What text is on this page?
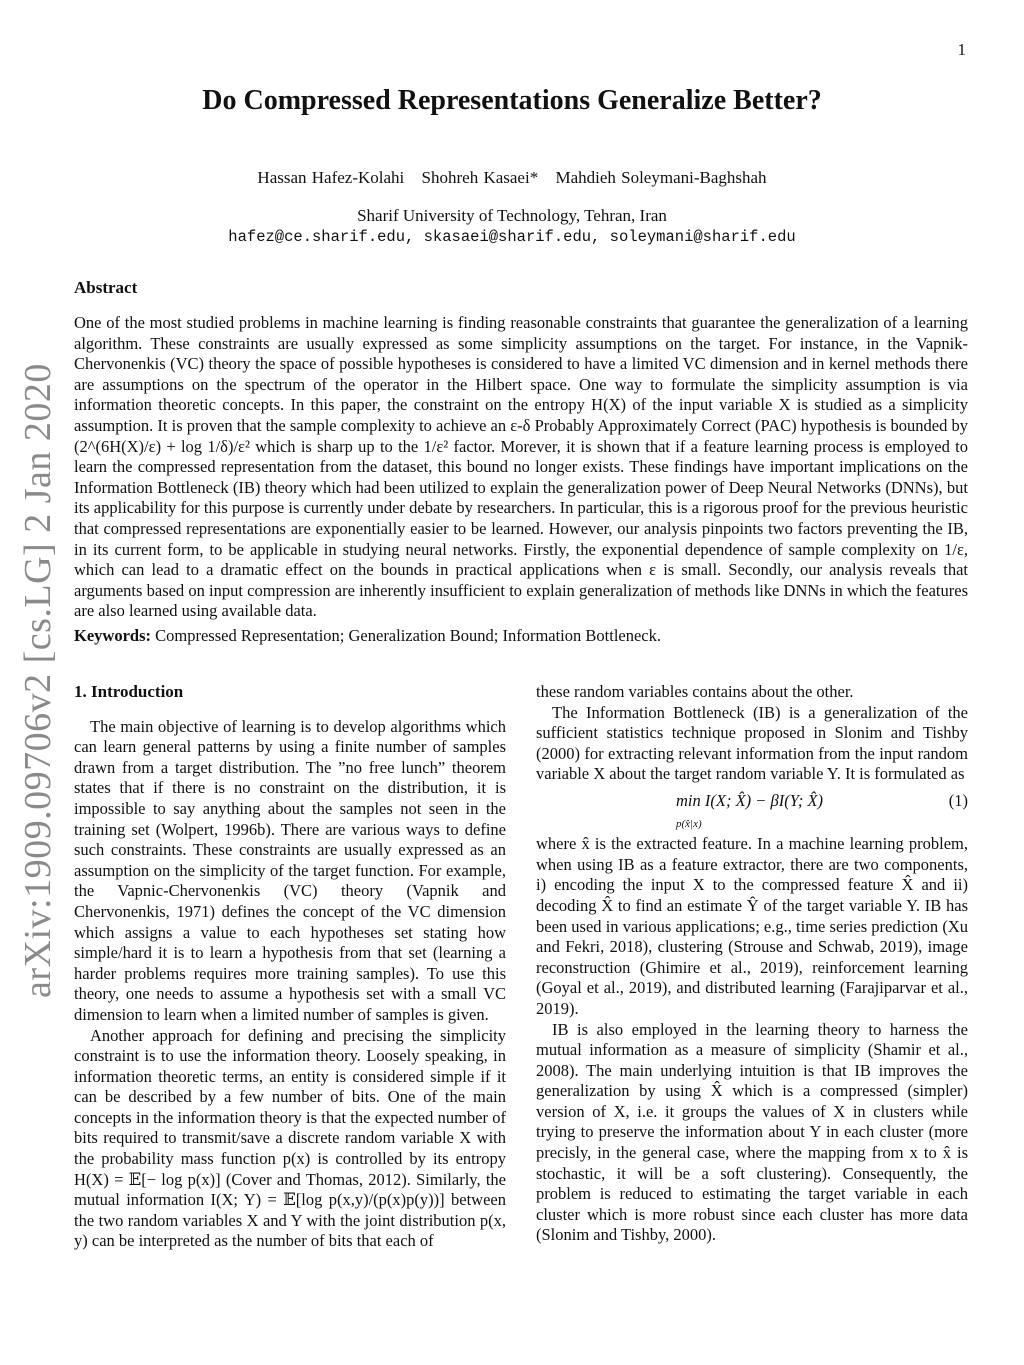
1
arXiv:1909.09706v2 [cs.LG] 2 Jan 2020
Do Compressed Representations Generalize Better?
Hassan Hafez-Kolahi Shohreh Kasaei* Mahdieh Soleymani-Baghshah
Sharif University of Technology, Tehran, Iran
hafez@ce.sharif.edu, skasaei@sharif.edu, soleymani@sharif.edu
Abstract
One of the most studied problems in machine learning is finding reasonable constraints that guarantee the generalization of a learning algorithm. These constraints are usually expressed as some simplicity assumptions on the target. For instance, in the Vapnik-Chervonenkis (VC) theory the space of possible hypotheses is considered to have a limited VC dimension and in kernel methods there are assumptions on the spectrum of the operator in the Hilbert space. One way to formulate the simplicity assumption is via information theoretic concepts. In this paper, the constraint on the entropy H(X) of the input variable X is studied as a simplicity assumption. It is proven that the sample complexity to achieve an ε-δ Probably Approximately Correct (PAC) hypothesis is bounded by (2^(6H(X)/ε) + log 1/δ)/ε² which is sharp up to the 1/ε² factor. Morever, it is shown that if a feature learning process is employed to learn the compressed representation from the dataset, this bound no longer exists. These findings have important implications on the Information Bottleneck (IB) theory which had been utilized to explain the generalization power of Deep Neural Networks (DNNs), but its applicability for this purpose is currently under debate by researchers. In particular, this is a rigorous proof for the previous heuristic that compressed representations are exponentially easier to be learned. However, our analysis pinpoints two factors preventing the IB, in its current form, to be applicable in studying neural networks. Firstly, the exponential dependence of sample complexity on 1/ε, which can lead to a dramatic effect on the bounds in practical applications when ε is small. Secondly, our analysis reveals that arguments based on input compression are inherently insufficient to explain generalization of methods like DNNs in which the features are also learned using available data.
Keywords: Compressed Representation; Generalization Bound; Information Bottleneck.
1. Introduction

The main objective of learning is to develop algorithms which can learn general patterns by using a finite number of samples drawn from a target distribution. The ”no free lunch” theorem states that if there is no constraint on the distribution, it is impossible to say anything about the samples not seen in the training set (Wolpert, 1996b). There are various ways to define such constraints. These constraints are usually expressed as an assumption on the simplicity of the target function. For example, the Vapnic-Chervonenkis (VC) theory (Vapnik and Chervonenkis, 1971) defines the concept of the VC dimension which assigns a value to each hypotheses set stating how simple/hard it is to learn a hypothesis from that set (learning a harder problems requires more training samples). To use this theory, one needs to assume a hypothesis set with a small VC dimension to learn when a limited number of samples is given.

Another approach for defining and precising the simplicity constraint is to use the information theory. Loosely speaking, in information theoretic terms, an entity is considered simple if it can be described by a few number of bits. One of the main concepts in the information theory is that the expected number of bits required to transmit/save a discrete random variable X with the probability mass function p(x) is controlled by its entropy H(X) = 𝔼[− log p(x)] (Cover and Thomas, 2012). Similarly, the mutual information I(X; Y) = 𝔼[log p(x,y)/(p(x)p(y))] between the two random variables X and Y with the joint distribution p(x, y) can be interpreted as the number of bits that each of

these random variables contains about the other.

The Information Bottleneck (IB) is a generalization of the sufficient statistics technique proposed in Slonim and Tishby (2000) for extracting relevant information from the input random variable X about the target random variable Y. It is formulated as

min I(X; X̂) − βI(Y; X̂)	(1)
p(x̂|x)

where x̂ is the extracted feature. In a machine learning problem, when using IB as a feature extractor, there are two components, i) encoding the input X to the compressed feature X̂ and ii) decoding X̂ to find an estimate Ŷ of the target variable Y. IB has been used in various applications; e.g., time series prediction (Xu and Fekri, 2018), clustering (Strouse and Schwab, 2019), image reconstruction (Ghimire et al., 2019), reinforcement learning (Goyal et al., 2019), and distributed learning (Farajiparvar et al., 2019).

IB is also employed in the learning theory to harness the mutual information as a measure of simplicity (Shamir et al., 2008). The main underlying intuition is that IB improves the generalization by using X̂ which is a compressed (simpler) version of X, i.e. it groups the values of X in clusters while trying to preserve the information about Y in each cluster (more precisly, in the general case, where the mapping from x to x̂ is stochastic, it will be a soft clustering). Consequently, the problem is reduced to estimating the target variable in each cluster which is more robust since each cluster has more data (Slonim and Tishby, 2000).
